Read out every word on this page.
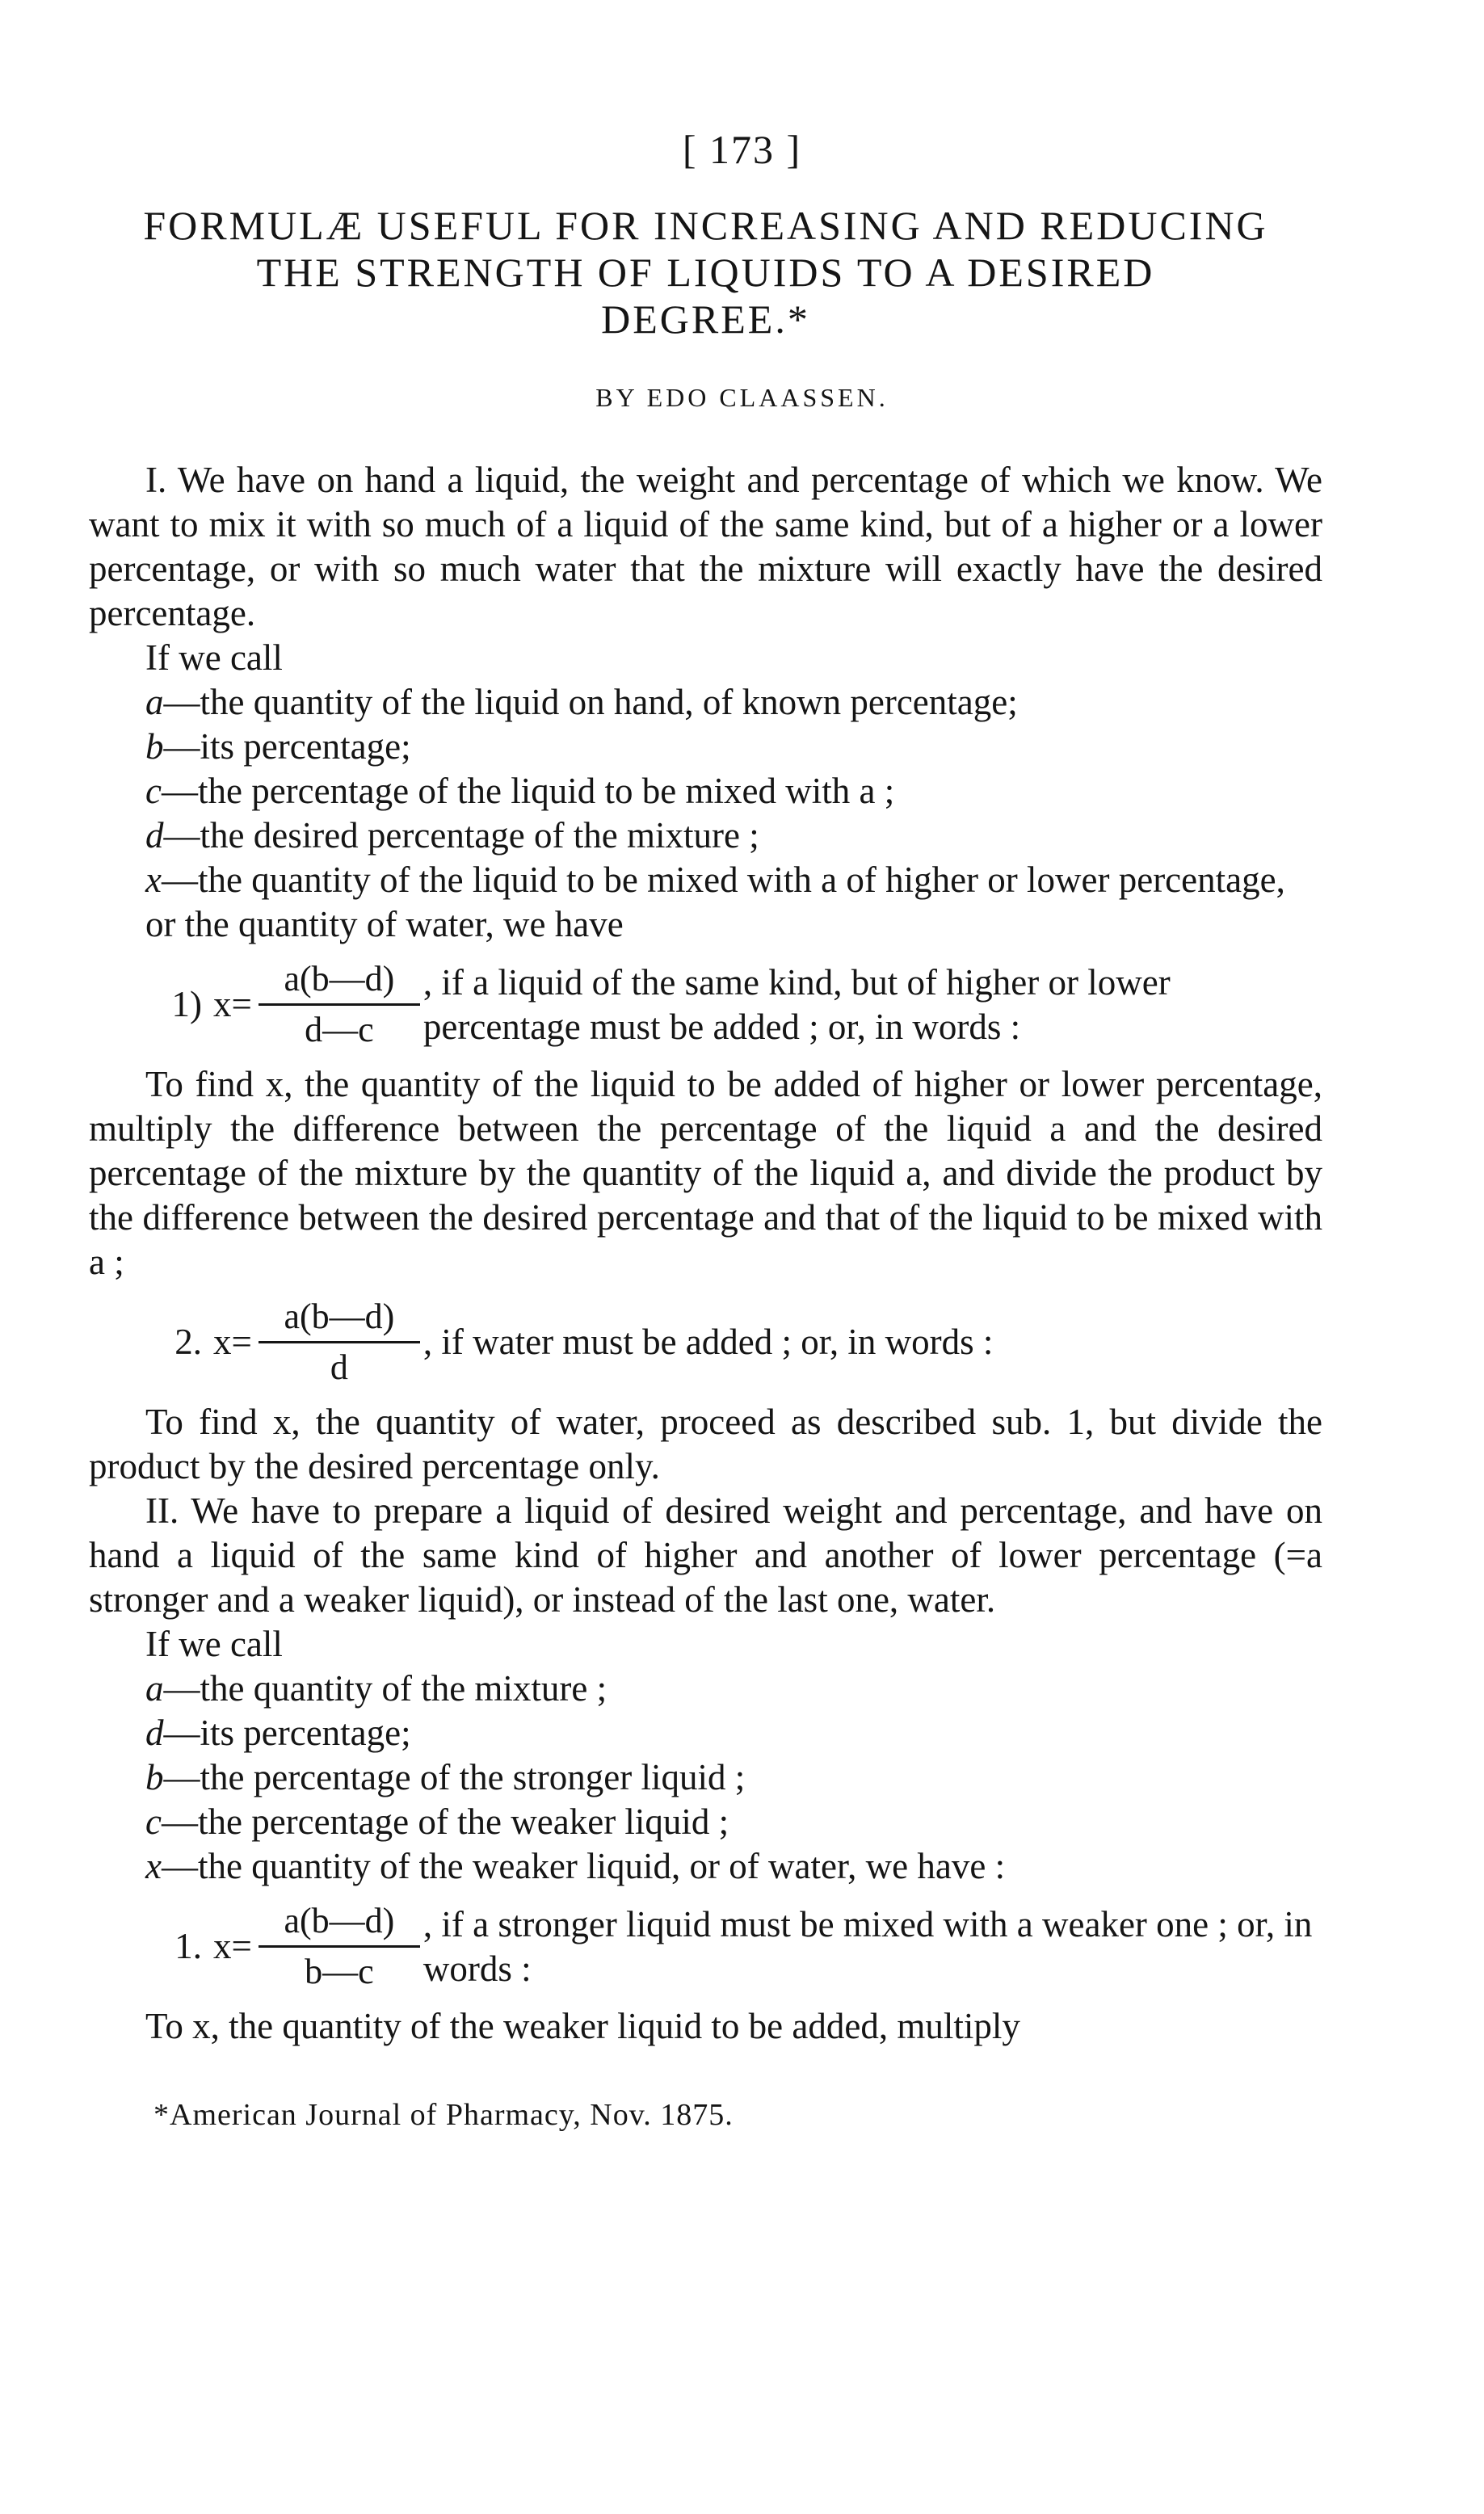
[ 173 ]
FORMULÆ USEFUL FOR INCREASING AND REDUCING
THE STRENGTH OF LIQUIDS TO A DESIRED
DEGREE.*
BY EDO CLAASSEN.

I. We have on hand a liquid, the weight and percentage of which we know. We want to mix it with so much of a liquid of the same kind, but of a higher or a lower percentage, or with so much water that the mixture will exactly have the desired percentage.

If we call

a—the quantity of the liquid on hand, of known percentage;
b—its percentage;
c—the percentage of the liquid to be mixed with a ;
d—the desired percentage of the mixture ;
x—the quantity of the liquid to be mixed with a of higher or lower percentage, or the quantity of water, we have
1) $x= \frac{a(b—d)}{d—c}$ , if a liquid of the same kind, but of higher or lower percentage must be added ; or, in words :

To find x, the quantity of the liquid to be added of higher or lower percentage, multiply the difference between the percentage of the liquid a and the desired percentage of the mixture by the quantity of the liquid a, and divide the product by the difference between the desired percentage and that of the liquid to be mixed with a ;

2. $x= \frac{a(b—d)}{d}$ , if water must be added ; or, in words :

To find x, the quantity of water, proceed as described sub. 1, but divide the product by the desired percentage only.

II. We have to prepare a liquid of desired weight and percentage, and have on hand a liquid of the same kind of higher and another of lower percentage (=a stronger and a weaker liquid), or instead of the last one, water.

If we call

a—the quantity of the mixture ;
d—its percentage;
b—the percentage of the stronger liquid ;
c—the percentage of the weaker liquid ;
x—the quantity of the weaker liquid, or of water, we have :
1. $x= \frac{a(b—d)}{b—c}$ , if a stronger liquid must be mixed with a weaker one ; or, in words :

To x, the quantity of the weaker liquid to be added, multiply

*American Journal of Pharmacy, Nov. 1875.
